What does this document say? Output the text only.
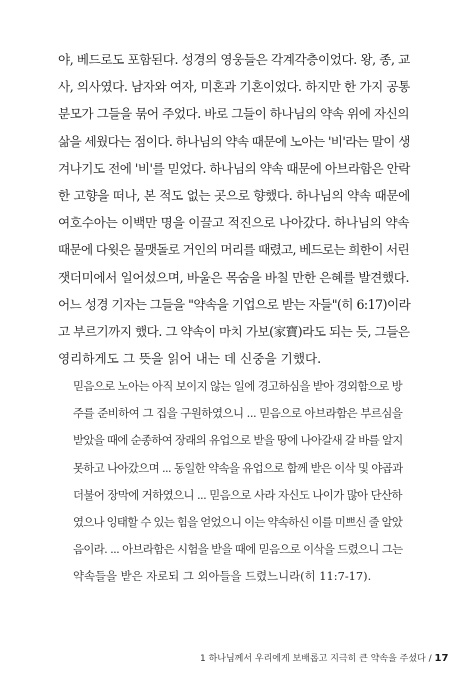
야, 베드로도 포함된다. 성경의 영웅들은 각계각층이었다. 왕, 종, 교
사, 의사였다. 남자와 여자, 미혼과 기혼이었다. 하지만 한 가지 공통
분모가 그들을 묶어 주었다. 바로 그들이 하나님의 약속 위에 자신의
삶을 세웠다는 점이다. 하나님의 약속 때문에 노아는 '비'라는 말이 생
겨나기도 전에 '비'를 믿었다. 하나님의 약속 때문에 아브라함은 안락
한 고향을 떠나, 본 적도 없는 곳으로 향했다. 하나님의 약속 때문에
여호수아는 이백만 명을 이끌고 적진으로 나아갔다. 하나님의 약속
때문에 다윗은 물맷돌로 거인의 머리를 때렸고, 베드로는 희한이 서린
잿더미에서 일어섰으며, 바울은 목숨을 바칠 만한 은혜를 발견했다.
어느 성경 기자는 그들을 "약속을 기업으로 받는 자들"(히 6:17)이라
고 부르기까지 했다. 그 약속이 마치 가보(家寶)라도 되는 듯, 그들은
영리하게도 그 뜻을 읽어 내는 데 신중을 기했다.
믿음으로 노아는 아직 보이지 않는 일에 경고하심을 받아 경외함으로 방
주를 준비하여 그 집을 구원하였으니 ... 믿음으로 아브라함은 부르심을
받았을 때에 순종하여 장래의 유업으로 받을 땅에 나아갈새 갈 바를 알지
못하고 나아갔으며 ... 동일한 약속을 유업으로 함께 받은 이삭 및 야곱과
더불어 장막에 거하였으니 ... 믿음으로 사라 자신도 나이가 많아 단산하
였으나 잉태할 수 있는 힘을 얻었으니 이는 약속하신 이를 미쁘신 줄 알았
음이라. ... 아브라함은 시험을 받을 때에 믿음으로 이삭을 드렸으니 그는
약속들을 받은 자로되 그 외아들을 드렸느니라(히 11:7-17).
1 하나님께서 우리에게 보배롭고 지극히 큰 약속을 주셨다 / 17
